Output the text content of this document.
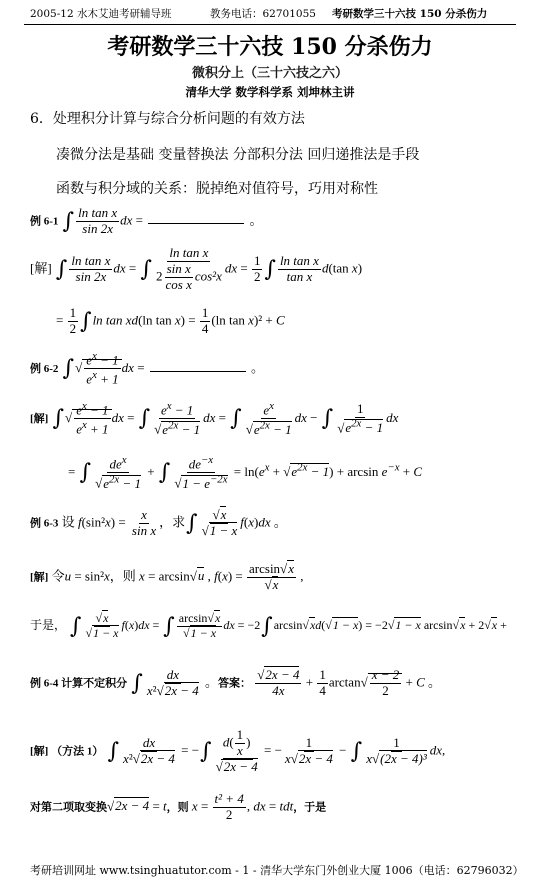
2005-12 水木艾迪考研辅导班	教务电话：62701055 考研数学三十六技 150 分杀伤力
考研数学三十六技 150 分杀伤力
微积分上（三十六技之六）
清华大学 数学科学系 刘坤林主讲
6．处理积分计算与综合分析问题的有效方法
凑微分法是基础 变量替换法 分部积分法 回归递推法是手段
函数与积分域的关系：脱掉绝对值符号，巧用对称性
例 6-1 ∫ $\frac{\text{ln tan x}}{\sin 2x}$ dx =	。
[解] ∫ $\frac{\text{ln tan x}}{\sin 2x}$ dx = ∫ $\frac{\text{ln tan x}}{2 \frac{\text{sin x}}{\text{cos x}} \cos^2x}$ dx = $\frac{1}{2}$ ∫ $\frac{\text{ln tan x}}{\text{tan x}} d(\tan$ x)
= $\frac{1}{2} \int\ln$ tan xd(ln $\tan x) = \frac{1}{4} (\ln$ tan x)² + C
例 6-2 ∫√ $\frac{e^x - 1}{e^x + 1}$ dx =	。
[解] ∫√ $\frac{e^x - 1}{e^x + 1}$ dx = ∫ $\frac{e^x - 1}{√e^{2x} - 1}$ dx = ∫ $\frac{e^x}{√e^{2x} - 1}$ dx − ∫ $\frac{1}{√e^{2x} - 1}$ dx
= ∫ $\frac{de^x}{√e^{2x} - 1}$ + ∫ $\frac{de^{-x}}{√1 - e^{-2x}} = \ln(e^x + √e^{2x} - 1) + \arcsin e^{-x} + C$
例 6-3 设 $f(\sin^2x) = \frac{x}{\text{sin x}}$ ，求∫ $\frac{√x}{√1 - x} f(x)dx$ 。
[解] 令u = sin²x，则 x = arcsin√u , $f(x) = \frac{\arcsin√x}{√x}$ ,
于是， ∫ $\frac{√x}{√1 - x} f(x)dx$ = ∫ $\frac{\arcsin√x}{√1 - x}$ dx = −2∫arcsin√xd(√1 − x) = −2√1 − x arcsin√x + 2√x +
例 6-4 计算不定积分 ∫ $\frac{dx}{\text{x²√2x − 4}}$ 。答案： $\frac{√2x - 4}{4x} + \frac{1}{4} \arctan√ \frac{x - 2}{2} + C$ 。
[解] （方法 1） ∫ $\frac{dx}{\text{x²√2x − 4}}$ = −∫ $\frac{d( \frac{1}{x} )}{√2x - 4}$ = − $\frac{1}{x√2x - 4}$ − ∫ $\frac{1}{\text{x√(2x − 4)³}}$ dx,
对第二项取变换√2x − 4 = t，则 $x = \frac{\text{t² + 4}}{2}$ , dx = tdt，于是
考研培训网址 www.tsinghuatutor.com - 1 - 清华大学东门外创业大厦 1006（电话：62796032）
